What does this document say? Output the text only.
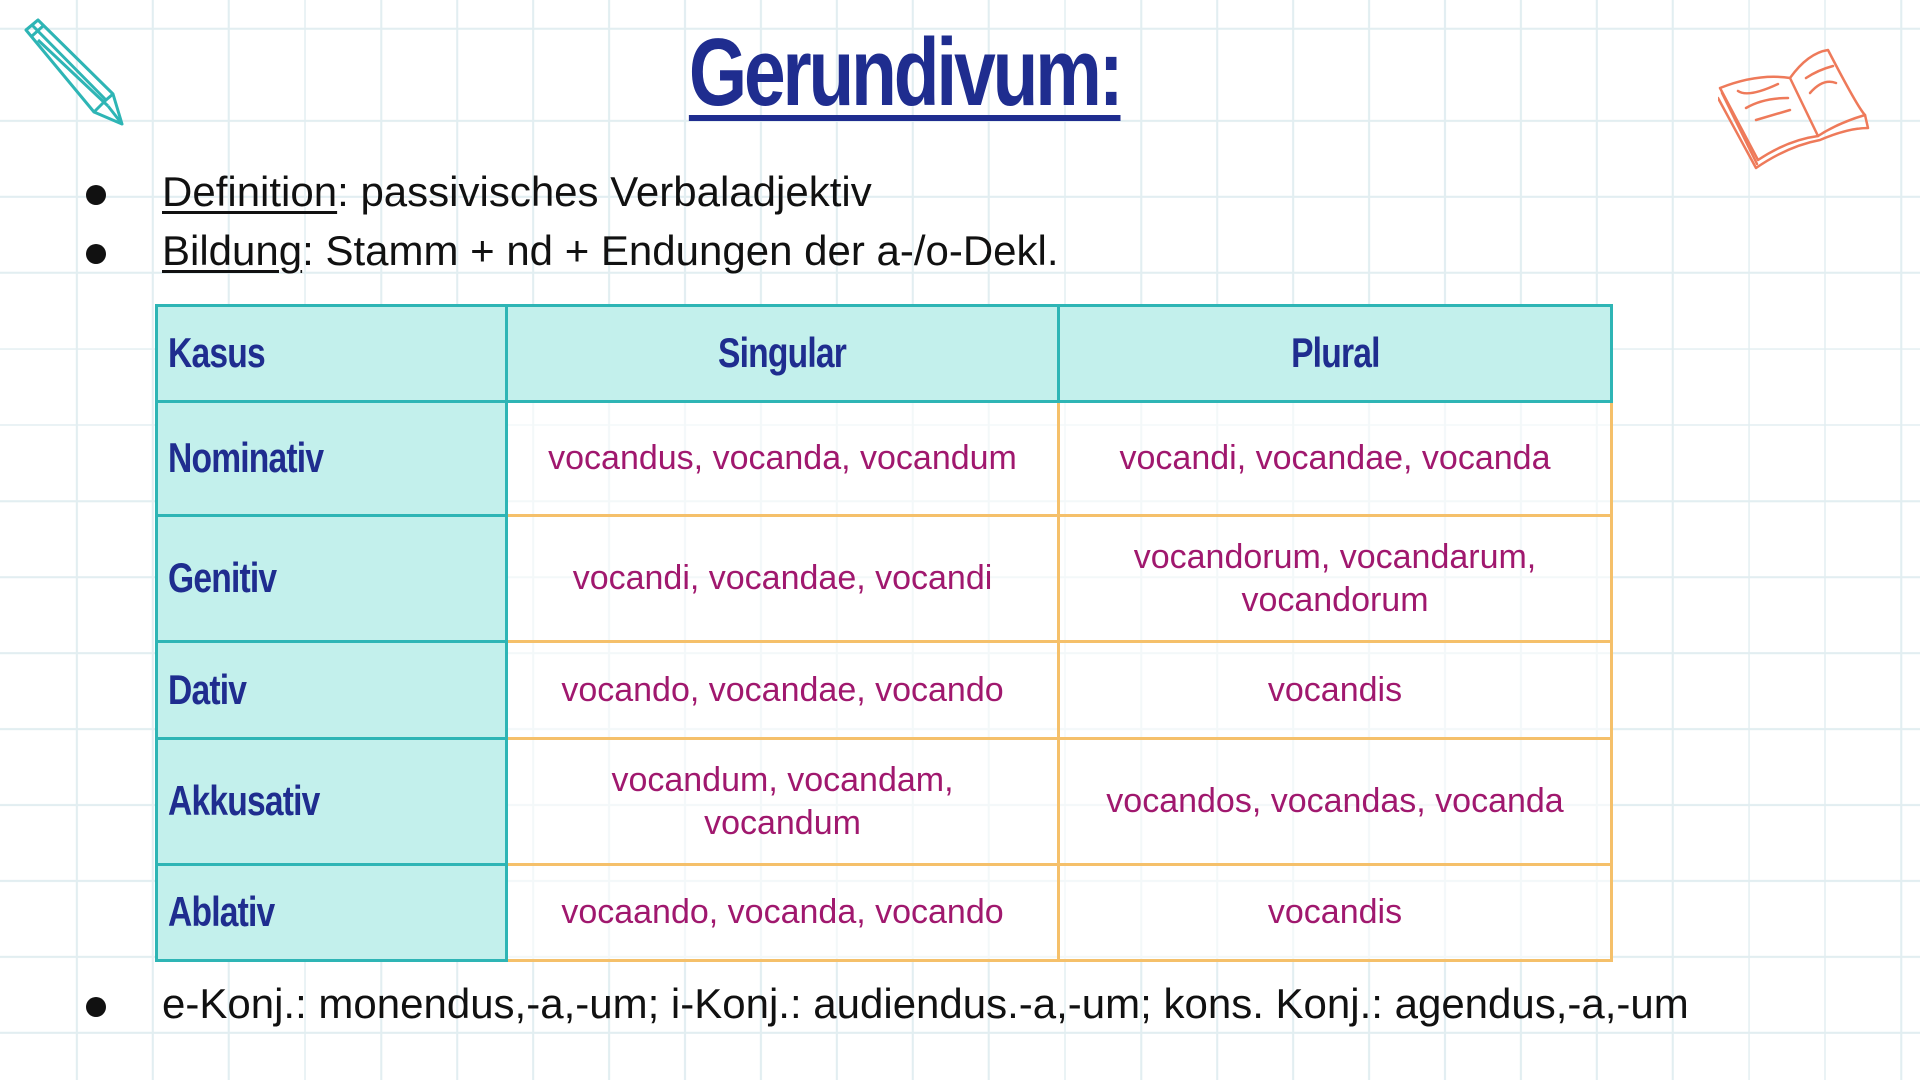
Gerundivum:
Definition: passivisches Verbaladjektiv
Bildung: Stamm + nd + Endungen der a-/o-Dekl.
Kasus	Singular	Plural
Nominativ	vocandus, vocanda, vocandum	vocandi, vocandae, vocanda
Genitiv	vocandi, vocandae, vocandi	vocandorum, vocandarum, vocandorum
Dativ	vocando, vocandae, vocando	vocandis
Akkusativ	vocandum, vocandam, vocandum	vocandos, vocandas, vocanda
Ablativ	vocaando, vocanda, vocando	vocandis
e-Konj.: monendus,-a,-um; i-Konj.: audiendus.-a,-um; kons. Konj.: agendus,-a,-um
